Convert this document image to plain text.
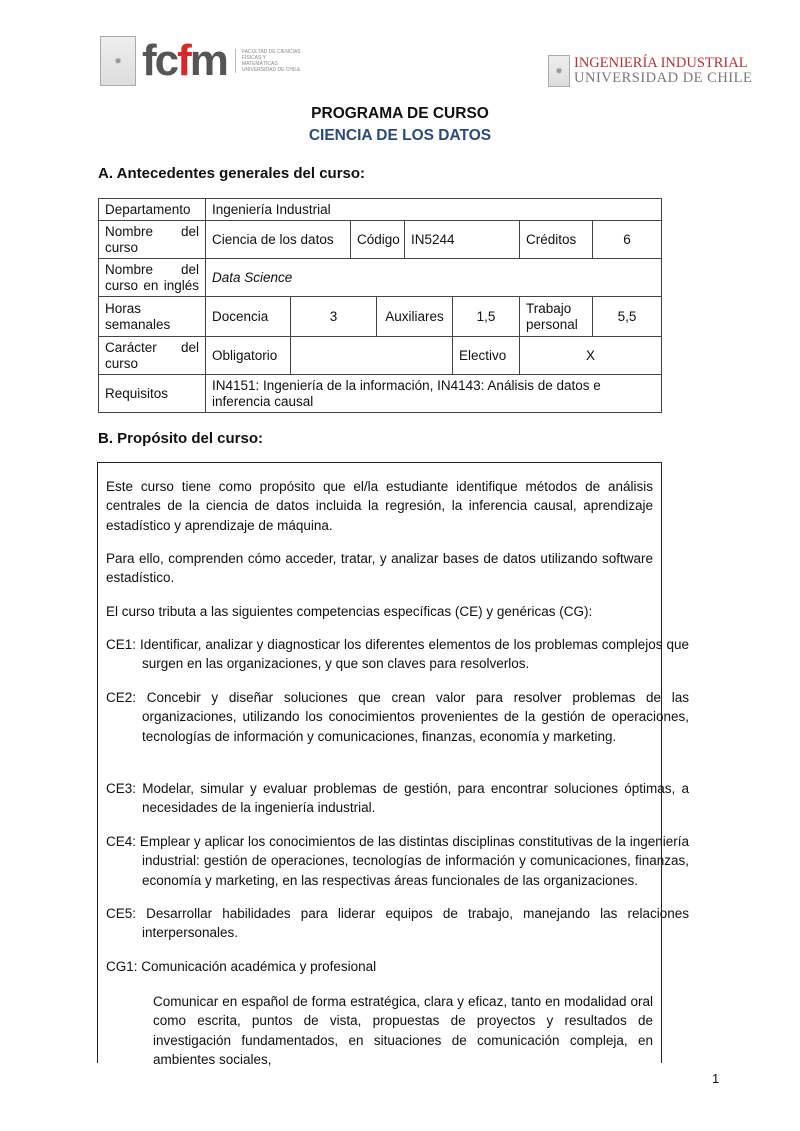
✹ fcfm	FACULTAD DE CIENCIAS FÍSICAS Y MATEMÁTICAS UNIVERSIDAD DE CHILE	✹ INGENIERÍA INDUSTRIAL
UNIVERSIDAD DE CHILE
PROGRAMA DE CURSO
CIENCIA DE LOS DATOS
A. Antecedentes generales del curso:
Departamento	Ingeniería Industrial							
Nombre del curso	Ciencia de los datos		Código		IN5244		Créditos	6
Nombre del curso en inglés	Data Science							
Horas semanales	Docencia	3		Auxiliares		1,5	Trabajo personal	5,5
Carácter del curso	Obligatorio					Electivo	X	
Requisitos	IN4151: Ingeniería de la información, IN4143: Análisis de datos e inferencia causal							
B. Propósito del curso:

Este curso tiene como propósito que el/la estudiante identifique métodos de análisis centrales de la ciencia de datos incluida la regresión, la inferencia causal, aprendizaje estadístico y aprendizaje de máquina.

Para ello, comprenden cómo acceder, tratar, y analizar bases de datos utilizando software estadístico.

El curso tributa a las siguientes competencias específicas (CE) y genéricas (CG):

CE1: Identificar, analizar y diagnosticar los diferentes elementos de los problemas complejos que surgen en las organizaciones, y que son claves para resolverlos.

CE2: Concebir y diseñar soluciones que crean valor para resolver problemas de las organizaciones, utilizando los conocimientos provenientes de la gestión de operaciones, tecnologías de información y comunicaciones, finanzas, economía y marketing.

CE3: Modelar, simular y evaluar problemas de gestión, para encontrar soluciones óptimas, a necesidades de la ingeniería industrial.

CE4: Emplear y aplicar los conocimientos de las distintas disciplinas constitutivas de la ingeniería industrial: gestión de operaciones, tecnologías de información y comunicaciones, finanzas, economía y marketing, en las respectivas áreas funcionales de las organizaciones.

CE5: Desarrollar habilidades para liderar equipos de trabajo, manejando las relaciones interpersonales.

CG1: Comunicación académica y profesional

Comunicar en español de forma estratégica, clara y eficaz, tanto en modalidad oral como escrita, puntos de vista, propuestas de proyectos y resultados de investigación fundamentados, en situaciones de comunicación compleja, en ambientes sociales,

1
